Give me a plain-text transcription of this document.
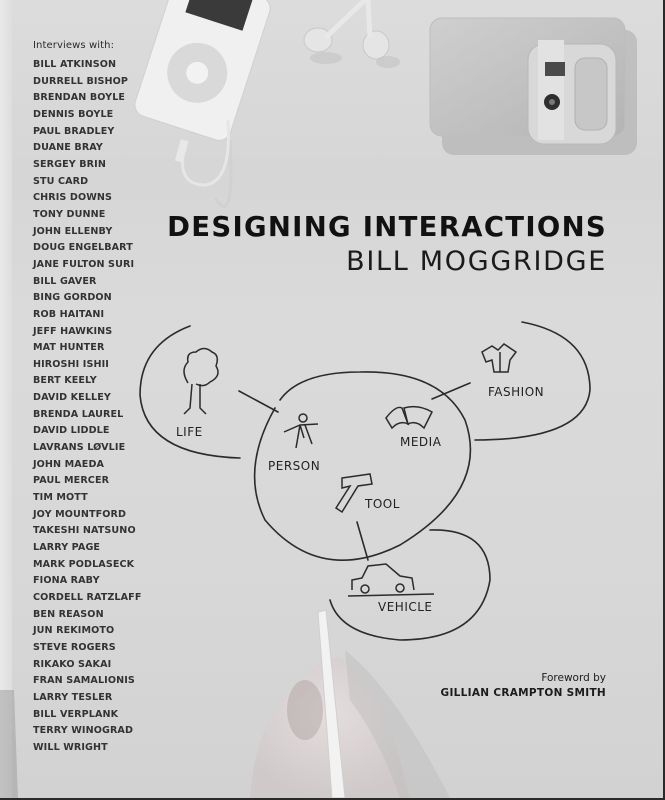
LIFE
PERSON
MEDIA
TOOL
FASHION
VEHICLE
Interviews with:
BILL ATKINSON
DURRELL BISHOP
BRENDAN BOYLE
DENNIS BOYLE
PAUL BRADLEY
DUANE BRAY
SERGEY BRIN
STU CARD
CHRIS DOWNS
TONY DUNNE
JOHN ELLENBY
DOUG ENGELBART
JANE FULTON SURI
BILL GAVER
BING GORDON
ROB HAITANI
JEFF HAWKINS
MAT HUNTER
HIROSHI ISHII
BERT KEELY
DAVID KELLEY
BRENDA LAUREL
DAVID LIDDLE
LAVRANS LØVLIE
JOHN MAEDA
PAUL MERCER
TIM MOTT
JOY MOUNTFORD
TAKESHI NATSUNO
LARRY PAGE
MARK PODLASECK
FIONA RABY
CORDELL RATZLAFF
BEN REASON
JUN REKIMOTO
STEVE ROGERS
RIKAKO SAKAI
FRAN SAMALIONIS
LARRY TESLER
BILL VERPLANK
TERRY WINOGRAD
WILL WRIGHT
DESIGNING INTERACTIONS
BILL MOGGRIDGE
Foreword by
GILLIAN CRAMPTON SMITH
